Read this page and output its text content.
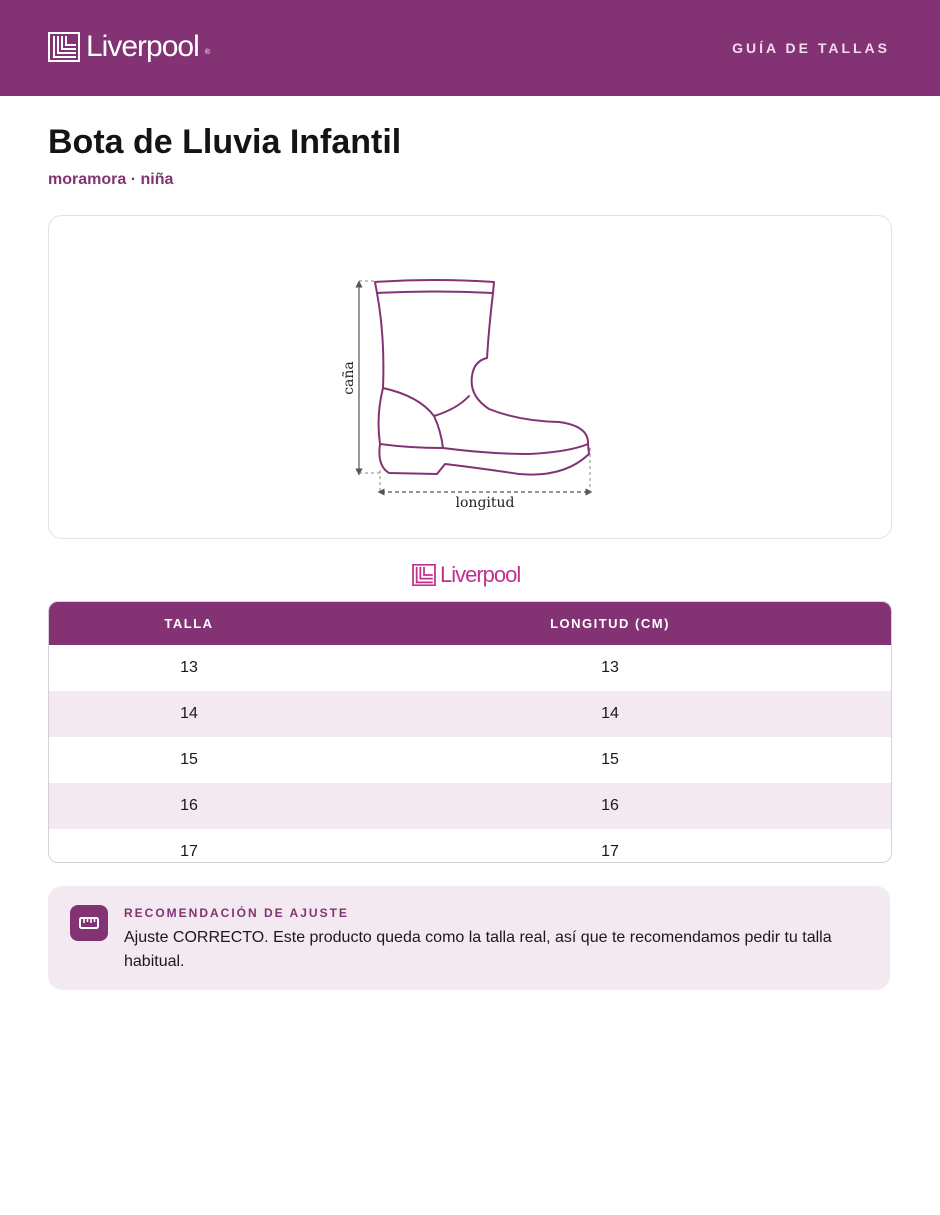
Liverpool ®	GUÍA DE TALLAS
Bota de Lluvia Infantil
moramora · niña
caña
longitud
Liverpool
TALLA	LONGITUD (CM)
13	13
14	14
15	15
16	16
17	17
RECOMENDACIÓN DE AJUSTE
Ajuste CORRECTO. Este producto queda como la talla real, así que te recomendamos pedir tu talla habitual.
